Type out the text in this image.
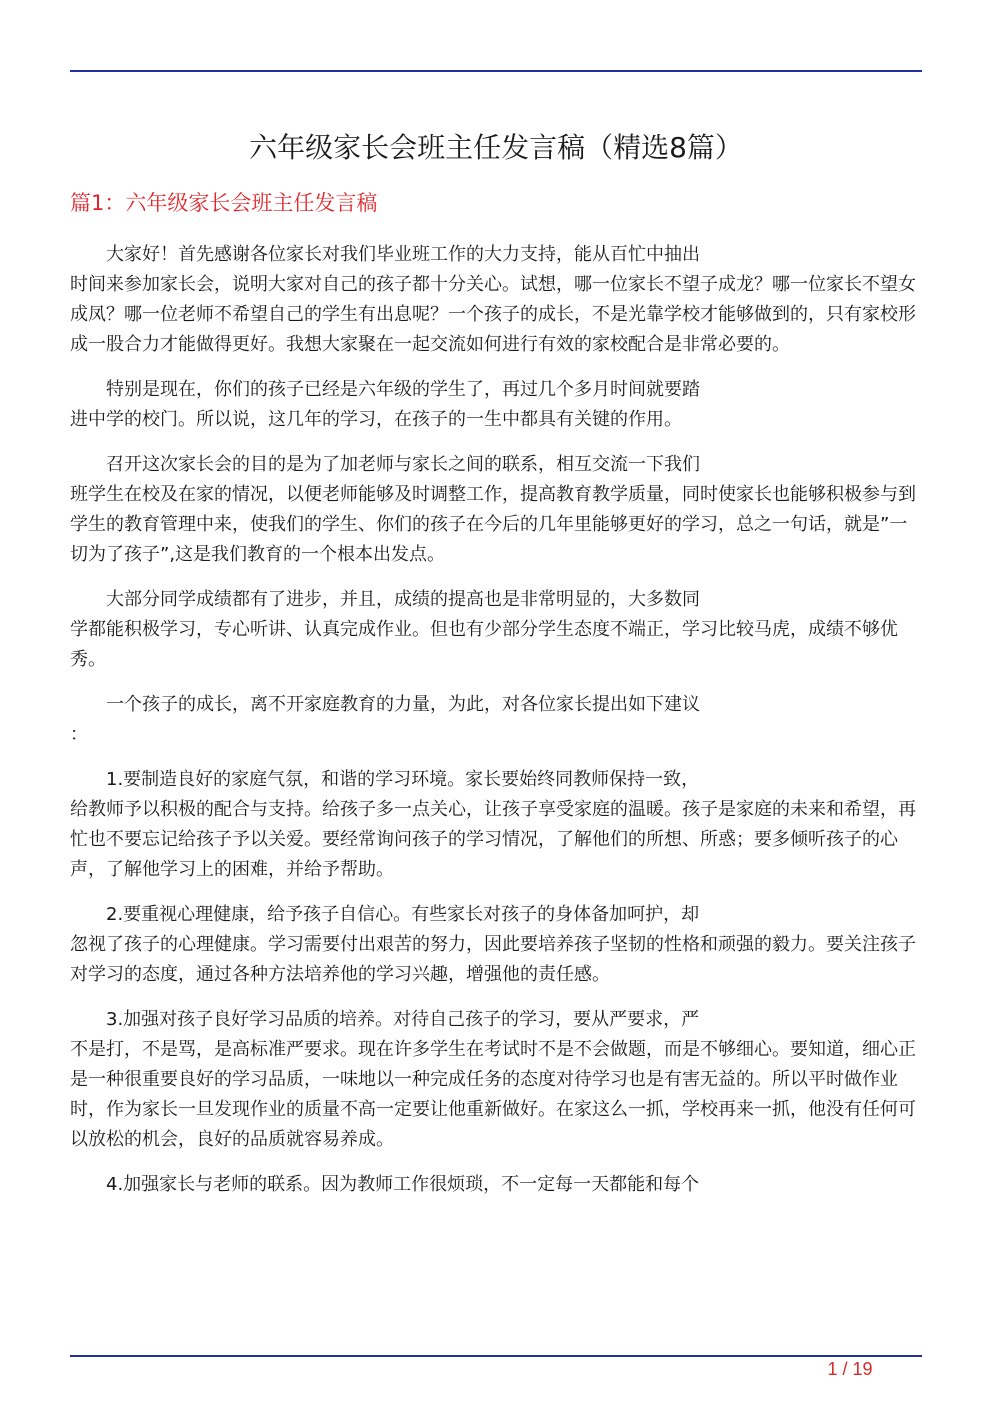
六年级家长会班主任发言稿（精选8篇）
篇1：六年级家长会班主任发言稿

　　大家好！首先感谢各位家长对我们毕业班工作的大力支持，能从百忙中抽出
时间来参加家长会，说明大家对自己的孩子都十分关心。试想，哪一位家长不望子成龙？哪一位家长不望女成凤？哪一位老师不希望自己的学生有出息呢？一个孩子的成长，不是光靠学校才能够做到的，只有家校形成一股合力才能做得更好。我想大家聚在一起交流如何进行有效的家校配合是非常必要的。

　　特别是现在，你们的孩子已经是六年级的学生了，再过几个多月时间就要踏
进中学的校门。所以说，这几年的学习，在孩子的一生中都具有关键的作用。

　　召开这次家长会的目的是为了加老师与家长之间的联系，相互交流一下我们
班学生在校及在家的情况，以便老师能够及时调整工作，提高教育教学质量，同时使家长也能够积极参与到学生的教育管理中来，使我们的学生、你们的孩子在今后的几年里能够更好的学习，总之一句话，就是”一切为了孩子”,这是我们教育的一个根本出发点。

　　大部分同学成绩都有了进步，并且，成绩的提高也是非常明显的，大多数同
学都能积极学习，专心听讲、认真完成作业。但也有少部分学生态度不端正，学习比较马虎，成绩不够优秀。

　　一个孩子的成长，离不开家庭教育的力量，为此，对各位家长提出如下建议
：

　　1.要制造良好的家庭气氛，和谐的学习环境。家长要始终同教师保持一致，
给教师予以积极的配合与支持。给孩子多一点关心，让孩子享受家庭的温暖。孩子是家庭的未来和希望，再忙也不要忘记给孩子予以关爱。要经常询问孩子的学习情况，了解他们的所想、所惑；要多倾听孩子的心声，了解他学习上的困难，并给予帮助。

　　2.要重视心理健康，给予孩子自信心。有些家长对孩子的身体备加呵护，却
忽视了孩子的心理健康。学习需要付出艰苦的努力，因此要培养孩子坚韧的性格和顽强的毅力。要关注孩子对学习的态度，通过各种方法培养他的学习兴趣，增强他的责任感。

　　3.加强对孩子良好学习品质的培养。对待自己孩子的学习，要从严要求，严
不是打，不是骂，是高标准严要求。现在许多学生在考试时不是不会做题，而是不够细心。要知道，细心正是一种很重要良好的学习品质，一味地以一种完成任务的态度对待学习也是有害无益的。所以平时做作业时，作为家长一旦发现作业的质量不高一定要让他重新做好。在家这么一抓，学校再来一抓，他没有任何可以放松的机会，良好的品质就容易养成。

　　4.加强家长与老师的联系。因为教师工作很烦琐，不一定每一天都能和每个

1 / 19
